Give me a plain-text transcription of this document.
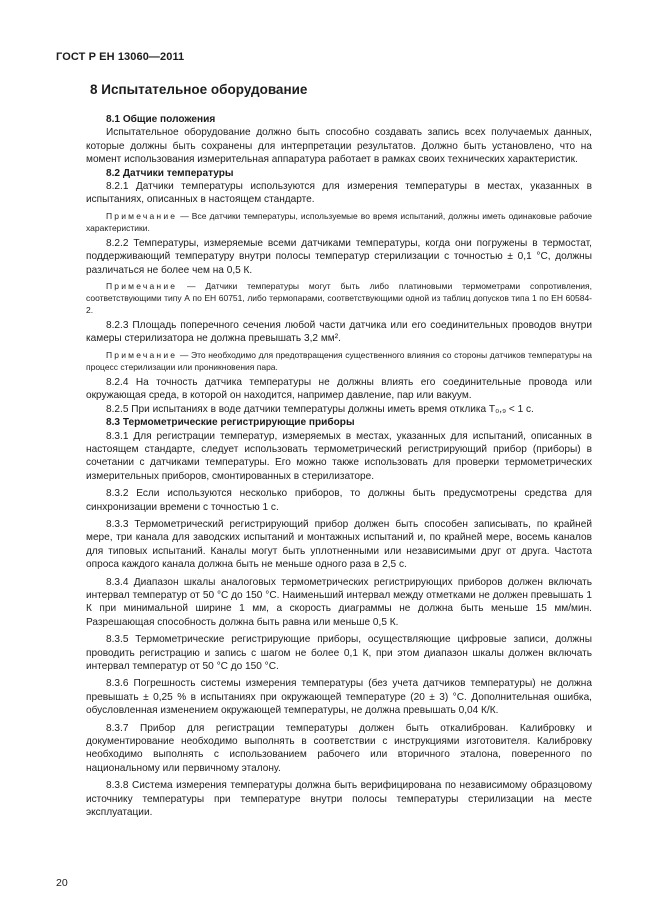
ГОСТ Р ЕН 13060—2011
8 Испытательное оборудование

8.1 Общие положения

Испытательное оборудование должно быть способно создавать запись всех получаемых данных, которые должны быть сохранены для интерпретации результатов. Должно быть установлено, что на момент использования измерительная аппаратура работает в рамках своих технических характеристик.

8.2 Датчики температуры

8.2.1 Датчики температуры используются для измерения температуры в местах, указанных в испытаниях, описанных в настоящем стандарте.

Примечание — Все датчики температуры, используемые во время испытаний, должны иметь одинаковые рабочие характеристики.

8.2.2 Температуры, измеряемые всеми датчиками температуры, когда они погружены в термостат, поддерживающий температуру внутри полосы температур стерилизации с точностью ± 0,1 °С, должны различаться не более чем на 0,5 К.

Примечание — Датчики температуры могут быть либо платиновыми термометрами сопротивления, соответствующими типу А по ЕН 60751, либо термопарами, соответствующими одной из таблиц допусков типа 1 по ЕН 60584-2.

8.2.3 Площадь поперечного сечения любой части датчика или его соединительных проводов внутри камеры стерилизатора не должна превышать 3,2 мм².

Примечание — Это необходимо для предотвращения существенного влияния со стороны датчиков температуры на процесс стерилизации или проникновения пара.

8.2.4 На точность датчика температуры не должны влиять его соединительные провода или окружающая среда, в которой он находится, например давление, пар или вакуум.

8.2.5 При испытаниях в воде датчики температуры должны иметь время отклика T₀,₉ < 1 с.

8.3 Термометрические регистрирующие приборы

8.3.1 Для регистрации температур, измеряемых в местах, указанных для испытаний, описанных в настоящем стандарте, следует использовать термометрический регистрирующий прибор (приборы) в сочетании с датчиками температуры. Его можно также использовать для проверки термометрических измерительных приборов, смонтированных в стерилизаторе.

8.3.2 Если используются несколько приборов, то должны быть предусмотрены средства для синхронизации времени с точностью 1 с.

8.3.3 Термометрический регистрирующий прибор должен быть способен записывать, по крайней мере, три канала для заводских испытаний и монтажных испытаний и, по крайней мере, восемь каналов для типовых испытаний. Каналы могут быть уплотненными или независимыми друг от друга. Частота опроса каждого канала должна быть не меньше одного раза в 2,5 с.

8.3.4 Диапазон шкалы аналоговых термометрических регистрирующих приборов должен включать интервал температур от 50 °С до 150 °С. Наименьший интервал между отметками не должен превышать 1 К при минимальной ширине 1 мм, а скорость диаграммы не должна быть меньше 15 мм/мин. Разрешающая способность должна быть равна или меньше 0,5 К.

8.3.5 Термометрические регистрирующие приборы, осуществляющие цифровые записи, должны проводить регистрацию и запись с шагом не более 0,1 К, при этом диапазон шкалы должен включать интервал температур от 50 °С до 150 °С.

8.3.6 Погрешность системы измерения температуры (без учета датчиков температуры) не должна превышать ± 0,25 % в испытаниях при окружающей температуре (20 ± 3) °С. Дополнительная ошибка, обусловленная изменением окружающей температуры, не должна превышать 0,04 К/К.

8.3.7 Прибор для регистрации температуры должен быть откалиброван. Калибровку и документирование необходимо выполнять в соответствии с инструкциями изготовителя. Калибровку необходимо выполнять с использованием рабочего или вторичного эталона, поверенного по национальному или первичному эталону.

8.3.8 Система измерения температуры должна быть верифицирована по независимому образцовому источнику температуры при температуре внутри полосы температуры стерилизации на месте эксплуатации.

20
